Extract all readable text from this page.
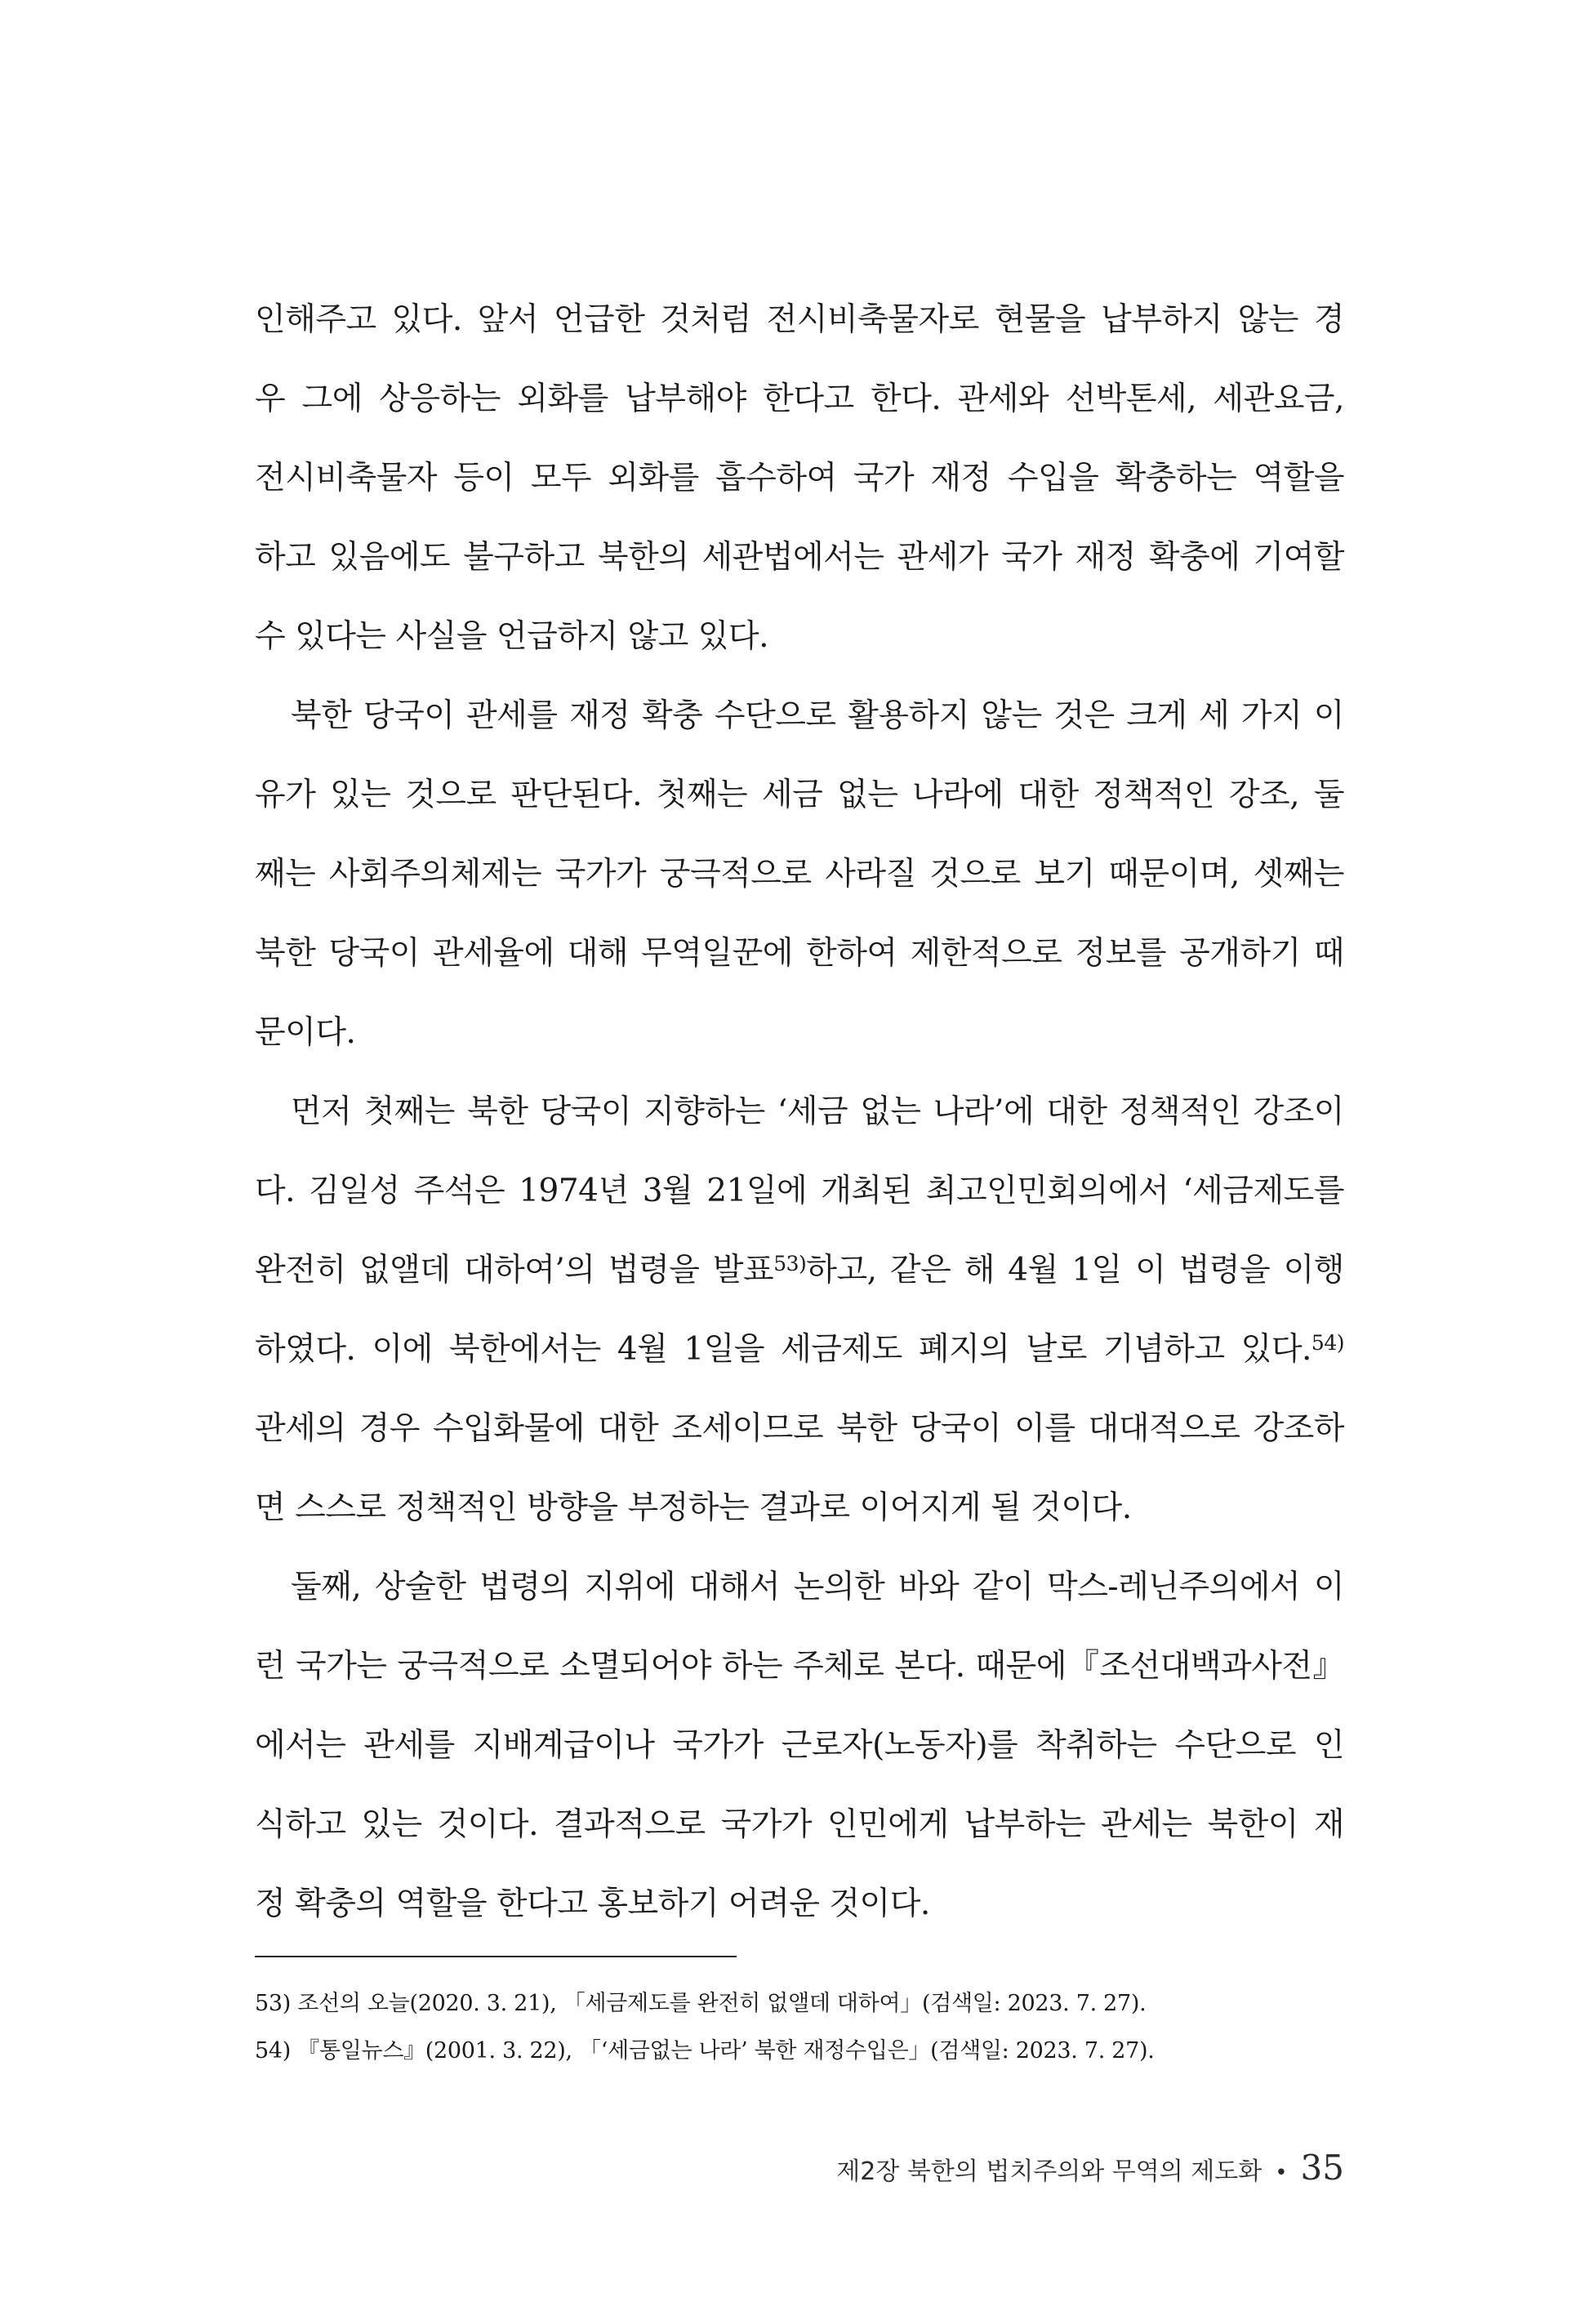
인해주고 있다. 앞서 언급한 것처럼 전시비축물자로 현물을 납부하지 않는 경
우 그에 상응하는 외화를 납부해야 한다고 한다. 관세와 선박톤세, 세관요금,
전시비축물자 등이 모두 외화를 흡수하여 국가 재정 수입을 확충하는 역할을
하고 있음에도 불구하고 북한의 세관법에서는 관세가 국가 재정 확충에 기여할
수 있다는 사실을 언급하지 않고 있다.

북한 당국이 관세를 재정 확충 수단으로 활용하지 않는 것은 크게 세 가지 이
유가 있는 것으로 판단된다. 첫째는 세금 없는 나라에 대한 정책적인 강조, 둘
째는 사회주의체제는 국가가 궁극적으로 사라질 것으로 보기 때문이며, 셋째는
북한 당국이 관세율에 대해 무역일꾼에 한하여 제한적으로 정보를 공개하기 때
문이다.

먼저 첫째는 북한 당국이 지향하는 ‘세금 없는 나라’에 대한 정책적인 강조이
다. 김일성 주석은 1974년 3월 21일에 개최된 최고인민회의에서 ‘세금제도를
완전히 없앨데 대하여’의 법령을 발표$^{53)}$하고, 같은 해 4월 1일 이 법령을 이행
하였다. 이에 북한에서는 4월 1일을 세금제도 폐지의 날로 기념하고 있다.$^{54)}$
관세의 경우 수입화물에 대한 조세이므로 북한 당국이 이를 대대적으로 강조하
면 스스로 정책적인 방향을 부정하는 결과로 이어지게 될 것이다.

둘째, 상술한 법령의 지위에 대해서 논의한 바와 같이 막스-레닌주의에서 이
런 국가는 궁극적으로 소멸되어야 하는 주체로 본다. 때문에『조선대백과사전』
에서는 관세를 지배계급이나 국가가 근로자(노동자)를 착취하는 수단으로 인
식하고 있는 것이다. 결과적으로 국가가 인민에게 납부하는 관세는 북한이 재
정 확충의 역할을 한다고 홍보하기 어려운 것이다.

53) 조선의 오늘(2020. 3. 21), 「세금제도를 완전히 없앨데 대하여」(검색일: 2023. 7. 27).
54) 『통일뉴스』(2001. 3. 22), 「‘세금없는 나라’ 북한 재정수입은」(검색일: 2023. 7. 27).
제2장 북한의 법치주의와 무역의 제도화 • 35
